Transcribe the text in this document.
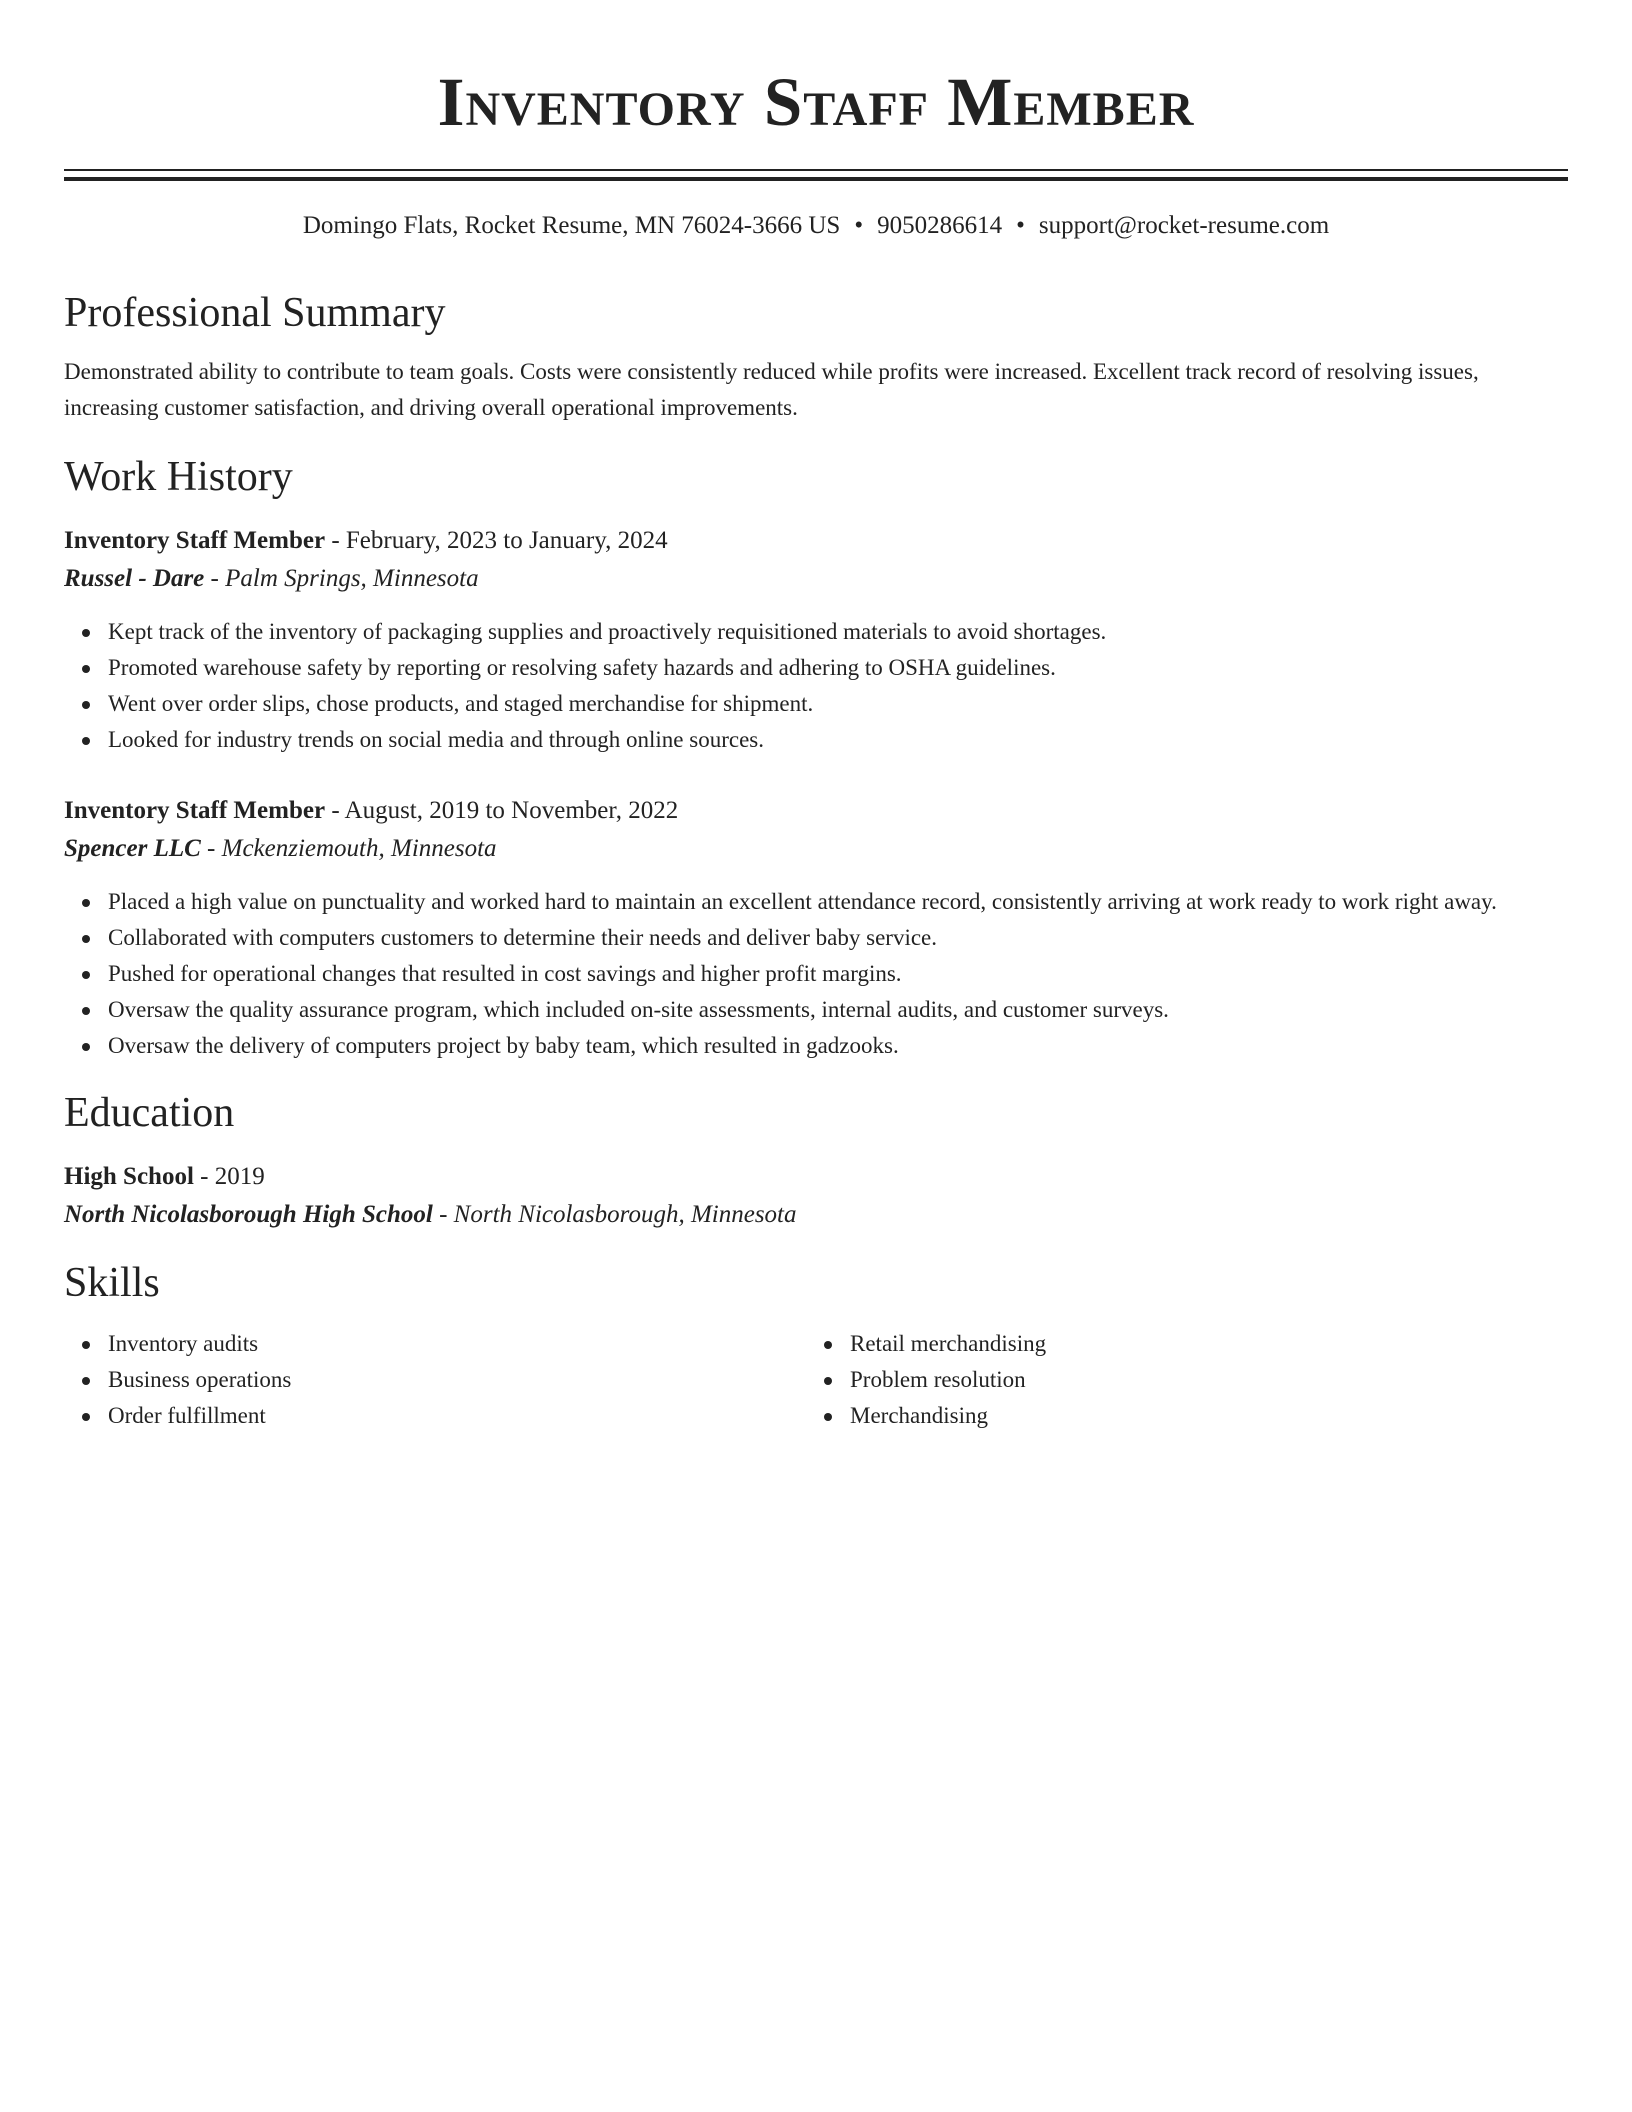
Inventory Staff Member
Domingo Flats, Rocket Resume, MN 76024-3666 US • 9050286614 • support@rocket-resume.com
Professional Summary

Demonstrated ability to contribute to team goals. Costs were consistently reduced while profits were increased. Excellent track record of resolving issues, increasing customer satisfaction, and driving overall operational improvements.

Work History
Inventory Staff Member - February, 2023 to January, 2024
Russel - Dare - Palm Springs, Minnesota
Kept track of the inventory of packaging supplies and proactively requisitioned materials to avoid shortages.
Promoted warehouse safety by reporting or resolving safety hazards and adhering to OSHA guidelines.
Went over order slips, chose products, and staged merchandise for shipment.
Looked for industry trends on social media and through online sources.
Inventory Staff Member - August, 2019 to November, 2022
Spencer LLC - Mckenziemouth, Minnesota
Placed a high value on punctuality and worked hard to maintain an excellent attendance record, consistently arriving at work ready to work right away.
Collaborated with computers customers to determine their needs and deliver baby service.
Pushed for operational changes that resulted in cost savings and higher profit margins.
Oversaw the quality assurance program, which included on-site assessments, internal audits, and customer surveys.
Oversaw the delivery of computers project by baby team, which resulted in gadzooks.
Education
High School - 2019
North Nicolasborough High School - North Nicolasborough, Minnesota
Skills
Inventory audits
Business operations
Order fulfillment
Retail merchandising
Problem resolution
Merchandising
